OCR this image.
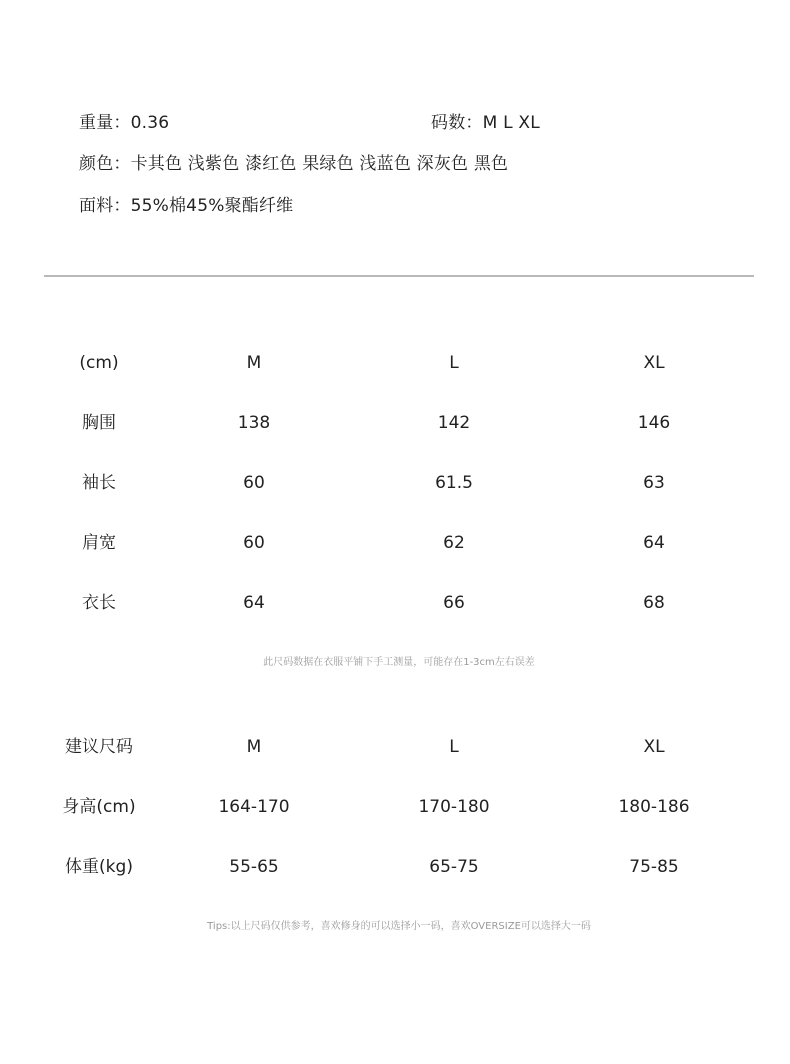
重量：0.36	码数：M L XL
颜色：卡其色 浅紫色 漆红色 果绿色 浅蓝色 深灰色 黑色
面料：55%棉45%聚酯纤维
(cm)	M	L	XL
胸围	138	142	146
袖长	60	61.5	63
肩宽	60	62	64
衣长	64	66	68
此尺码数据在衣服平铺下手工测量，可能存在1-3cm左右误差
建议尺码	M	L	XL
身高(cm)	164-170	170-180	180-186
体重(kg)	55-65	65-75	75-85
Tips:以上尺码仅供参考，喜欢修身的可以选择小一码，喜欢OVERSIZE可以选择大一码
